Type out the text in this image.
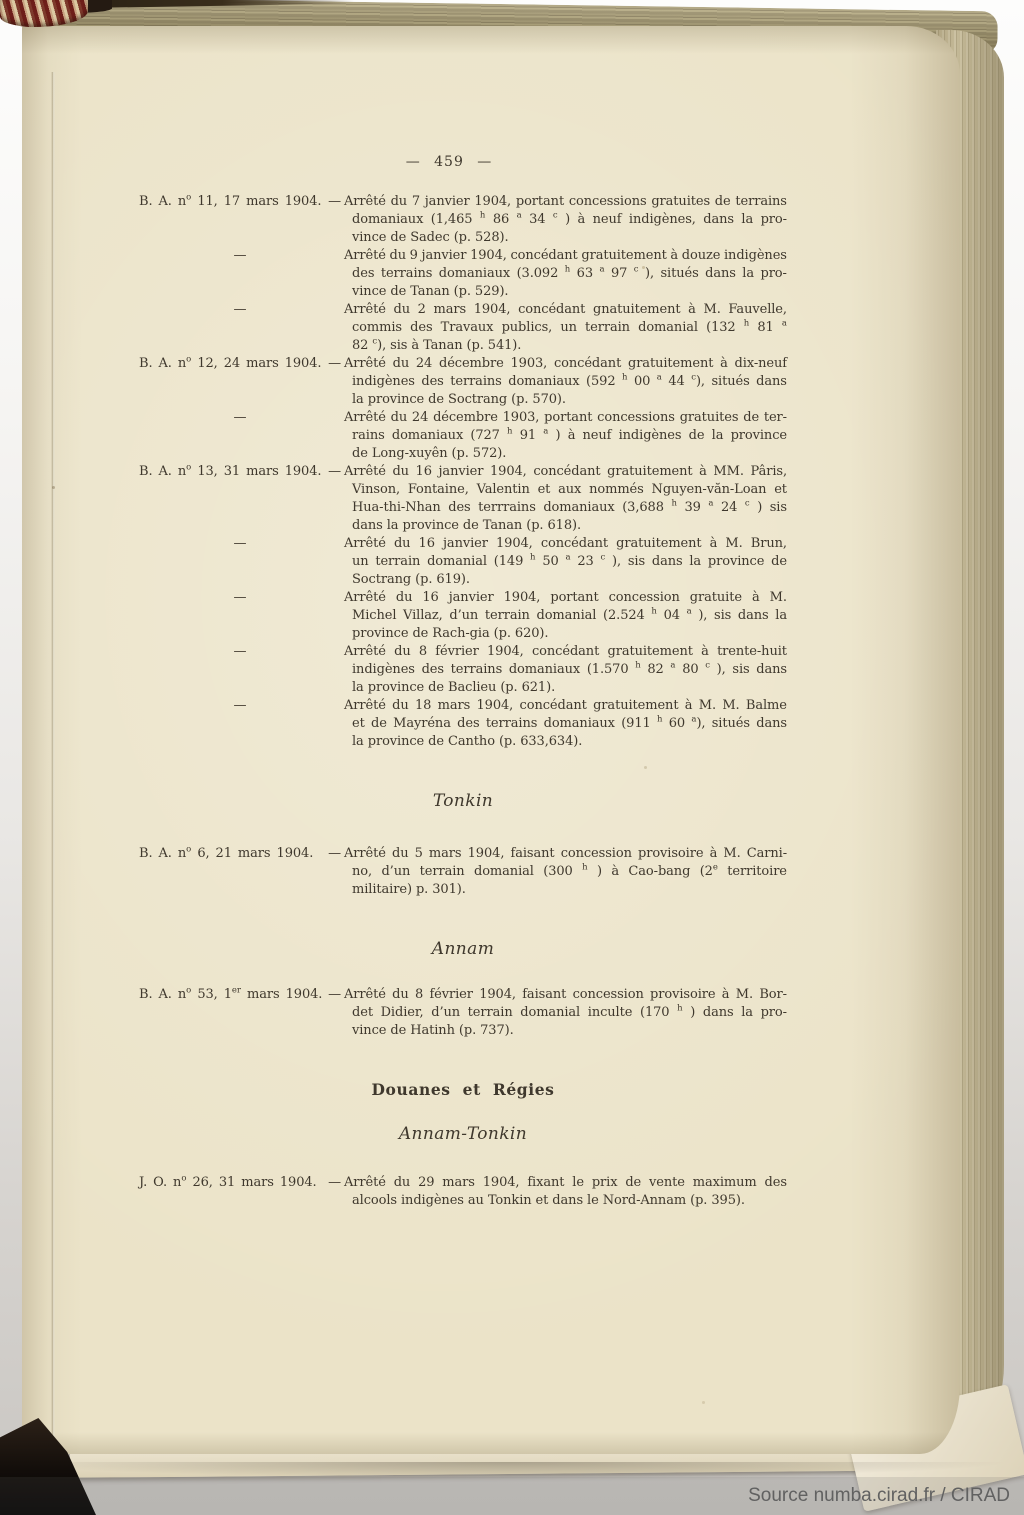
— 459 —
B. A. $n^o$ 11, 17 mars 1904. — Arrêté du 7 janvier 1904, portant concessions gratuites de terrains
domaniaux (1,465 $^h$ 86 $^a$ 34 $^c$ ) à neuf indigènes, dans la pro-
vince de Sadec (p. 528).
—	Arrêté du 9 janvier 1904, concédant gratuitement à douze indigènes
des terrains domaniaux (3.092 $^h$ 63 $^a$ 97 $^c$ ), situés dans la pro-
vince de Tanan (p. 529).
—	Arrêté du 2 mars 1904, concédant gnatuitement à M. Fauvelle,
commis des Travaux publics, un terrain domanial (132 $^h$ 81 $^a$
82 $^c$), sis à Tanan (p. 541).
B. A. $n^o$ 12, 24 mars 1904. — Arrêté du 24 décembre 1903, concédant gratuitement à dix-neuf
indigènes des terrains domaniaux (592 $^h$ 00 $^a$ 44 $^c$), situés dans
la province de Soctrang (p. 570).
—	Arrêté du 24 décembre 1903, portant concessions gratuites de ter-
rains domaniaux (727 $^h$ 91 $^a$ ) à neuf indigènes de la province
de Long-xuyên (p. 572).
B. A. $n^o$ 13, 31 mars 1904. — Arrêté du 16 janvier 1904, concédant gratuitement à MM. Pâris,
Vinson, Fontaine, Valentin et aux nommés Nguyen-văn-Loan et
Hua-thi-Nhan des terrrains domaniaux (3,688 $^h$ 39 $^a$ 24 $^c$ ) sis
dans la province de Tanan (p. 618).
—	Arrêté du 16 janvier 1904, concédant gratuitement à M. Brun,
un terrain domanial (149 $^h$ 50 $^a$ 23 $^c$ ), sis dans la province de
Soctrang (p. 619).
—	Arrêté du 16 janvier 1904, portant concession gratuite à M.
Michel Villaz, d’un terrain domanial (2.524 $^h$ 04 $^a$ ), sis dans la
province de Rach-gia (p. 620).
—	Arrêté du 8 février 1904, concédant gratuitement à trente-huit
indigènes des terrains domaniaux (1.570 $^h$ 82 $^a$ 80 $^c$ ), sis dans
la province de Baclieu (p. 621).
—	Arrêté du 18 mars 1904, concédant gratuitement à M. M. Balme
et de Mayréna des terrains domaniaux (911 $^h$ 60 $^a$), situés dans
la province de Cantho (p. 633,634).
Tonkin
B. A. $n^o$ 6, 21 mars 1904. — Arrêté du 5 mars 1904, faisant concession provisoire à M. Carni-
no, d’un terrain domanial (300 $^h$ ) à Cao-bang (2e territoire
militaire) p. 301).
Annam
B. A. $n^o$ 53, 1er mars 1904. — Arrêté du 8 février 1904, faisant concession provisoire à M. Bor-
det Didier, d’un terrain domanial inculte (170 $^h$ ) dans la pro-
vince de Hatinh (p. 737).
Douanes et Régies
Annam-Tonkin
J. O. $n^o$ 26, 31 mars 1904. — Arrêté du 29 mars 1904, fixant le prix de vente maximum des
alcools indigènes au Tonkin et dans le Nord-Annam (p. 395).
Source numba.cirad.fr / CIRAD
